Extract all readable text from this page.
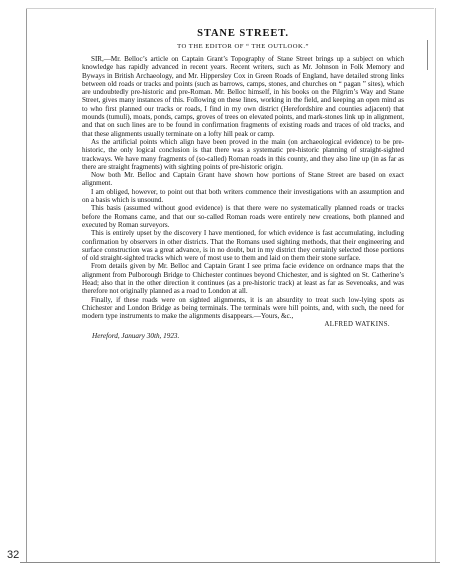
STANE STREET.
TO THE EDITOR OF “ THE OUTLOOK.”

SIR,—Mr. Belloc’s article on Captain Grant’s Topography of Stane Street brings up a subject on which knowledge has rapidly advanced in recent years. Recent writers, such as Mr. Johnson in Folk Memory and Byways in British Archaeology, and Mr. Hippersley Cox in Green Roads of England, have detailed strong links between old roads or tracks and points (such as barrows, camps, stones, and churches on “ pagan ” sites), which are undoubtedly pre-historic and pre-Roman. Mr. Belloc himself, in his books on the Pilgrim’s Way and Stane Street, gives many instances of this. Following on these lines, working in the field, and keeping an open mind as to who first planned our tracks or roads, I find in my own district (Herefordshire and counties adjacent) that mounds (tumuli), moats, ponds, camps, groves of trees on elevated points, and mark-stones link up in alignment, and that on such lines are to be found in confirmation fragments of existing roads and traces of old tracks, and that these alignments usually terminate on a lofty hill peak or camp.

As the artificial points which align have been proved in the main (on archaeological evidence) to be pre-historic, the only logical conclusion is that there was a systematic pre-historic planning of straight-sighted trackways. We have many fragments of (so-called) Roman roads in this county, and they also line up (in as far as there are straight fragments) with sighting points of pre-historic origin.

Now both Mr. Belloc and Captain Grant have shown how portions of Stane Street are based on exact alignment.

I am obliged, however, to point out that both writers commence their investigations with an assumption and on a basis which is unsound.

This basis (assumed without good evidence) is that there were no systematically planned roads or tracks before the Romans came, and that our so-called Roman roads were entirely new creations, both planned and executed by Roman surveyors.

This is entirely upset by the discovery I have mentioned, for which evidence is fast accumulating, including confirmation by observers in other districts. That the Romans used sighting methods, that their engineering and surface construction was a great advance, is in no doubt, but in my district they certainly selected those portions of old straight-sighted tracks which were of most use to them and laid on them their stone surface.

From details given by Mr. Belloc and Captain Grant I see prima facie evidence on ordnance maps that the alignment from Pulborough Bridge to Chichester continues beyond Chichester, and is sighted on St. Catherine’s Head; also that in the other direction it continues (as a pre-historic track) at least as far as Sevenoaks, and was therefore not originally planned as a road to London at all.

Finally, if these roads were on sighted alignments, it is an absurdity to treat such low-lying spots as Chichester and London Bridge as being terminals. The terminals were hill points, and, with such, the need for modern type instruments to make the alignments disappears.—Yours, &c.,

ALFRED WATKINS.
Hereford, January 30th, 1923.
32
